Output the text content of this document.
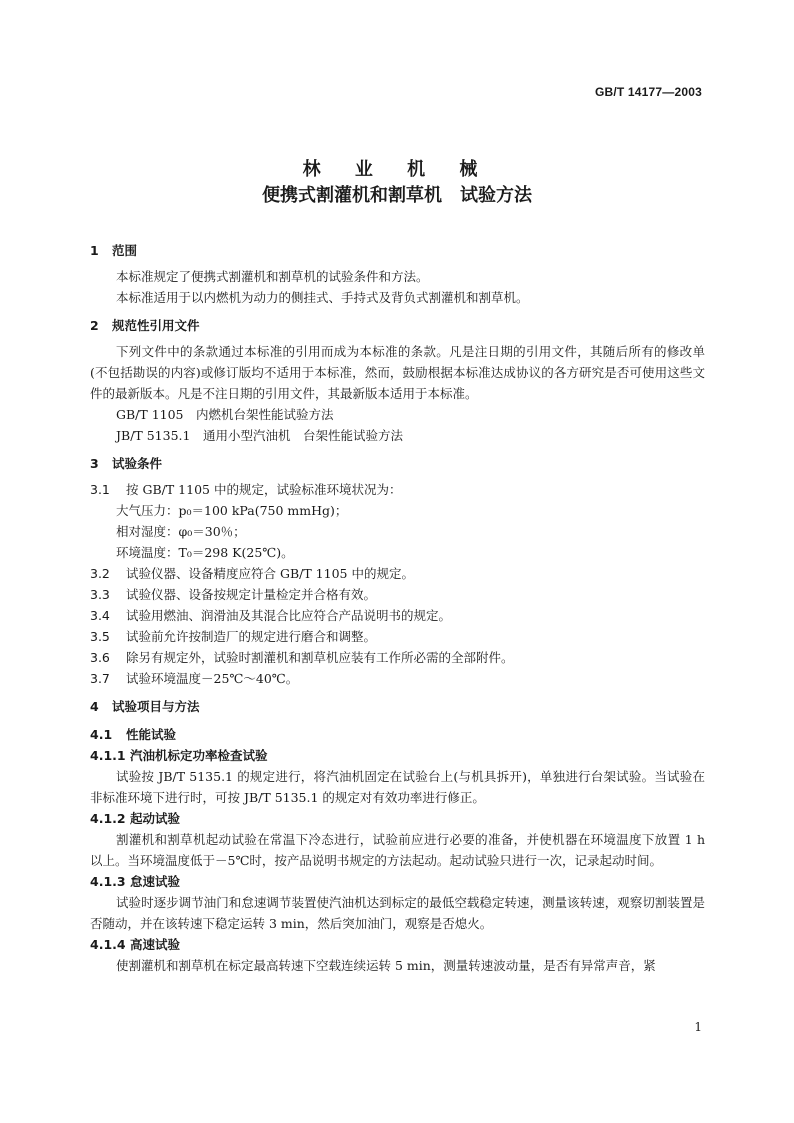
GB/T 14177—2003
林 业 机 械
便携式割灌机和割草机 试验方法
1 范围

本标准规定了便携式割灌机和割草机的试验条件和方法。

本标准适用于以内燃机为动力的侧挂式、手持式及背负式割灌机和割草机。

2 规范性引用文件

下列文件中的条款通过本标准的引用而成为本标准的条款。凡是注日期的引用文件，其随后所有的修改单(不包括勘误的内容)或修订版均不适用于本标准，然而，鼓励根据本标准达成协议的各方研究是否可使用这些文件的最新版本。凡是不注日期的引用文件，其最新版本适用于本标准。

GB/T 1105　内燃机台架性能试验方法

JB/T 5135.1　通用小型汽油机　台架性能试验方法

3 试验条件

3.1 按 GB/T 1105 中的规定，试验标准环境状况为：

大气压力：p₀＝100 kPa(750 mmHg)；

相对湿度：φ₀＝30％；

环境温度：T₀＝298 K(25℃)。

3.2 试验仪器、设备精度应符合 GB/T 1105 中的规定。

3.3 试验仪器、设备按规定计量检定并合格有效。

3.4 试验用燃油、润滑油及其混合比应符合产品说明书的规定。

3.5 试验前允许按制造厂的规定进行磨合和调整。

3.6 除另有规定外，试验时割灌机和割草机应装有工作所必需的全部附件。

3.7 试验环境温度－25℃～40℃。

4 试验项目与方法
4.1 性能试验
4.1.1 汽油机标定功率检查试验

试验按 JB/T 5135.1 的规定进行，将汽油机固定在试验台上(与机具拆开)，单独进行台架试验。当试验在非标准环境下进行时，可按 JB/T 5135.1 的规定对有效功率进行修正。

4.1.2 起动试验

割灌机和割草机起动试验在常温下冷态进行，试验前应进行必要的准备，并使机器在环境温度下放置 1 h 以上。当环境温度低于－5℃时，按产品说明书规定的方法起动。起动试验只进行一次，记录起动时间。

4.1.3 怠速试验

试验时逐步调节油门和怠速调节装置使汽油机达到标定的最低空载稳定转速，测量该转速，观察切割装置是否随动，并在该转速下稳定运转 3 min，然后突加油门，观察是否熄火。

4.1.4 高速试验

使割灌机和割草机在标定最高转速下空载连续运转 5 min，测量转速波动量，是否有异常声音，紧

1
